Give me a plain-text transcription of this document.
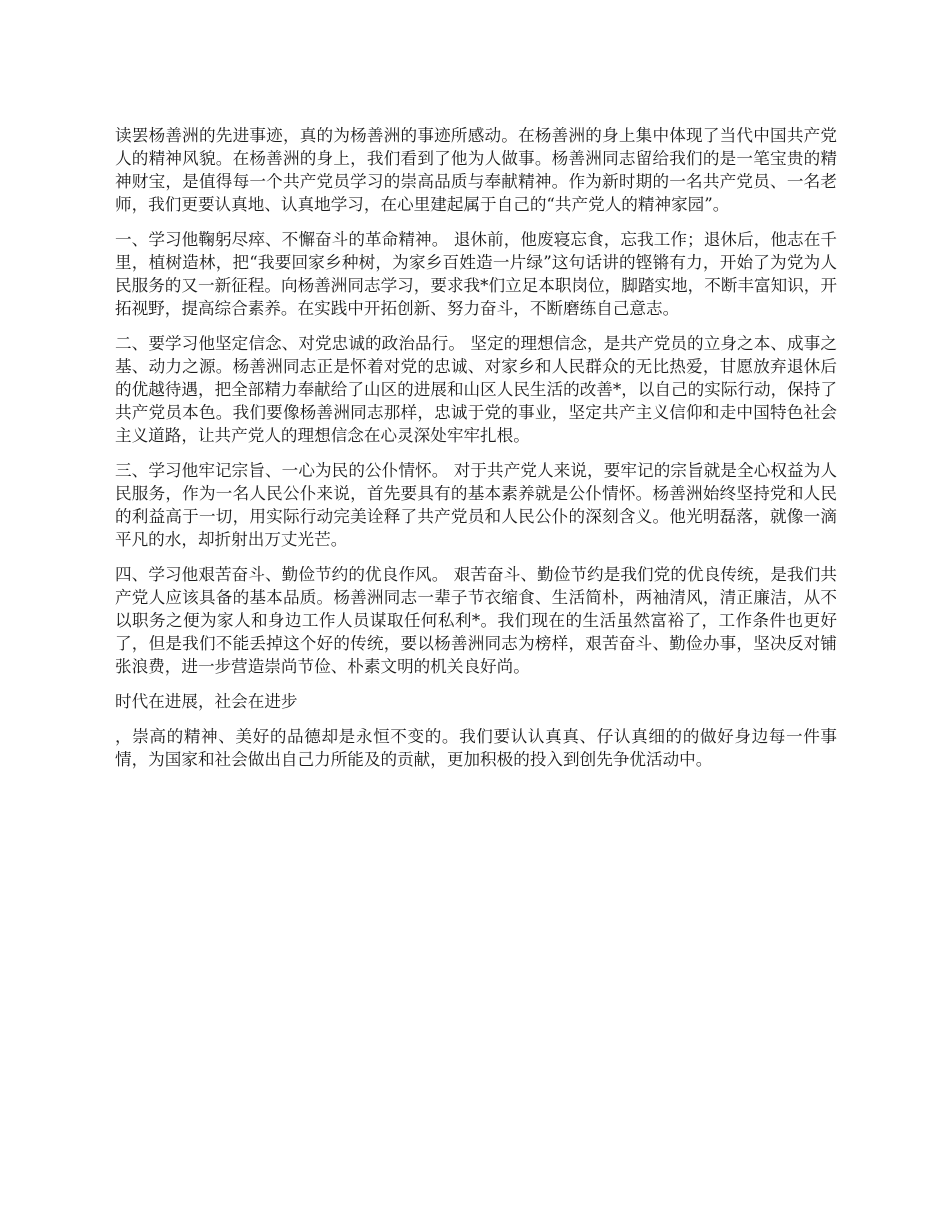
读罢杨善洲的先进事迹，真的为杨善洲的事迹所感动。在杨善洲的身上集中体现了当代中国共产党人的精神风貌。在杨善洲的身上，我们看到了他为人做事。杨善洲同志留给我们的是一笔宝贵的精神财宝，是值得每一个共产党员学习的崇高品质与奉献精神。作为新时期的一名共产党员、一名老师，我们更要认真地、认真地学习，在心里建起属于自己的“共产党人的精神家园”。

一、学习他鞠躬尽瘁、不懈奋斗的革命精神。 退休前，他废寝忘食，忘我工作；退休后，他志在千里，植树造林，把“我要回家乡种树，为家乡百姓造一片绿”这句话讲的铿锵有力，开始了为党为人民服务的又一新征程。向杨善洲同志学习，要求我*们立足本职岗位，脚踏实地，不断丰富知识，开拓视野，提高综合素养。在实践中开拓创新、努力奋斗，不断磨练自己意志。

二、要学习他坚定信念、对党忠诚的政治品行。 坚定的理想信念，是共产党员的立身之本、成事之基、动力之源。杨善洲同志正是怀着对党的忠诚、对家乡和人民群众的无比热爱，甘愿放弃退休后的优越待遇，把全部精力奉献给了山区的进展和山区人民生活的改善*，以自己的实际行动，保持了共产党员本色。我们要像杨善洲同志那样，忠诚于党的事业，坚定共产主义信仰和走中国特色社会主义道路，让共产党人的理想信念在心灵深处牢牢扎根。

三、学习他牢记宗旨、一心为民的公仆情怀。 对于共产党人来说，要牢记的宗旨就是全心权益为人民服务，作为一名人民公仆来说，首先要具有的基本素养就是公仆情怀。杨善洲始终坚持党和人民的利益高于一切，用实际行动完美诠释了共产党员和人民公仆的深刻含义。他光明磊落，就像一滴平凡的水，却折射出万丈光芒。

四、学习他艰苦奋斗、勤俭节约的优良作风。 艰苦奋斗、勤俭节约是我们党的优良传统，是我们共产党人应该具备的基本品质。杨善洲同志一辈子节衣缩食、生活简朴，两袖清风，清正廉洁，从不以职务之便为家人和身边工作人员谋取任何私利*。我们现在的生活虽然富裕了，工作条件也更好了，但是我们不能丢掉这个好的传统，要以杨善洲同志为榜样，艰苦奋斗、勤俭办事，坚决反对铺张浪费，进一步营造崇尚节俭、朴素文明的机关良好尚。

时代在进展，社会在进步

，崇高的精神、美好的品德却是永恒不变的。我们要认认真真、仔认真细的的做好身边每一件事情，为国家和社会做出自己力所能及的贡献，更加积极的投入到创先争优活动中。
